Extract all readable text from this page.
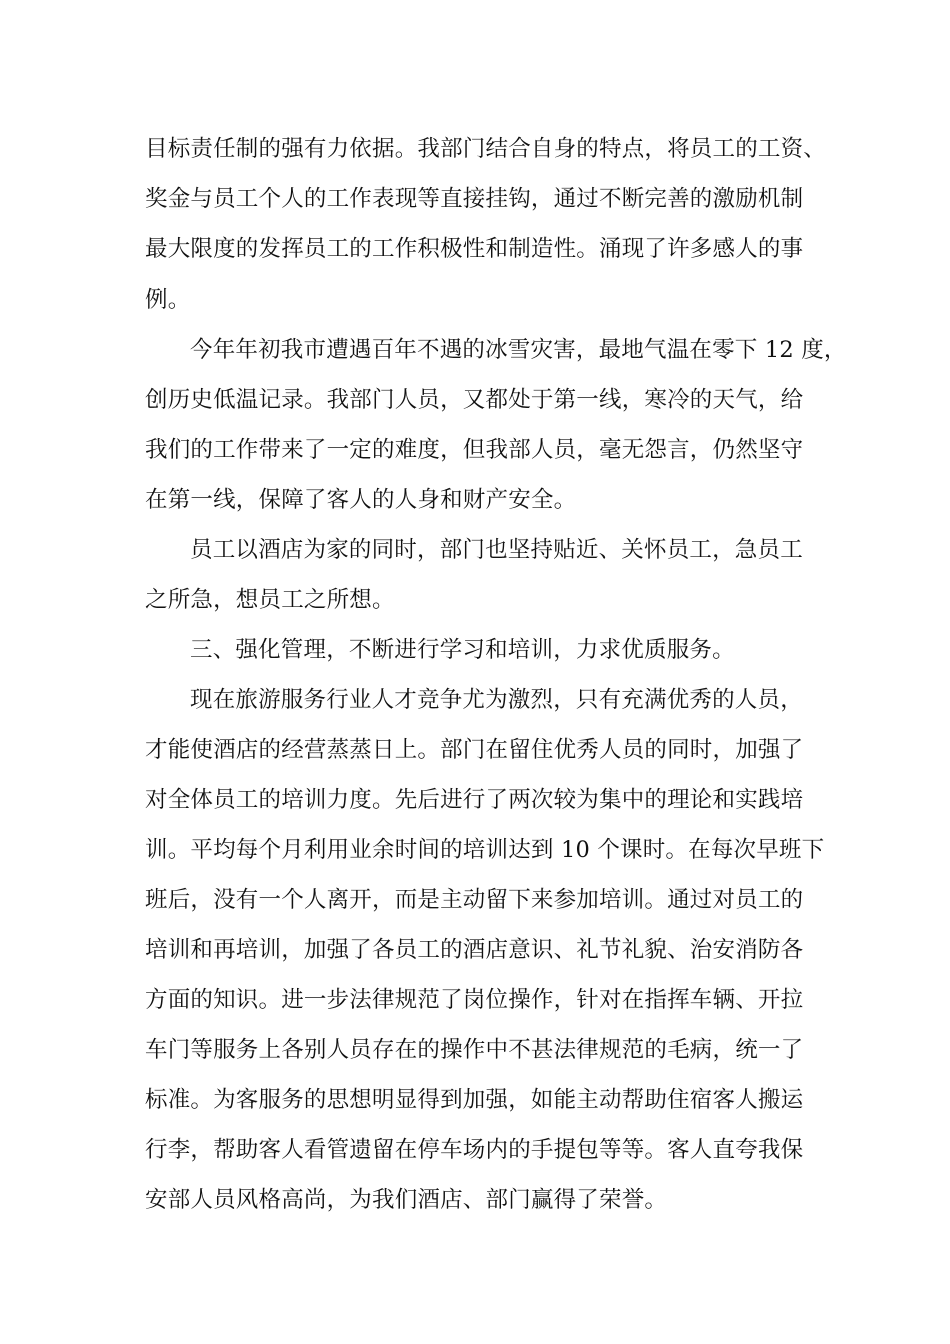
目标责任制的强有力依据。我部门结合自身的特点，将员工的工资、
奖金与员工个人的工作表现等直接挂钩，通过不断完善的激励机制
最大限度的发挥员工的工作积极性和制造性。涌现了许多感人的事
例。
今年年初我市遭遇百年不遇的冰雪灾害，最地气温在零下 12 度，
创历史低温记录。我部门人员，又都处于第一线，寒冷的天气，给
我们的工作带来了一定的难度，但我部人员，毫无怨言，仍然坚守
在第一线，保障了客人的人身和财产安全。
员工以酒店为家的同时，部门也坚持贴近、关怀员工，急员工
之所急，想员工之所想。
三、强化管理，不断进行学习和培训，力求优质服务。
现在旅游服务行业人才竞争尤为激烈，只有充满优秀的人员，
才能使酒店的经营蒸蒸日上。部门在留住优秀人员的同时，加强了
对全体员工的培训力度。先后进行了两次较为集中的理论和实践培
训。平均每个月利用业余时间的培训达到 10 个课时。在每次早班下
班后，没有一个人离开，而是主动留下来参加培训。通过对员工的
培训和再培训，加强了各员工的酒店意识、礼节礼貌、治安消防各
方面的知识。进一步法律规范了岗位操作，针对在指挥车辆、开拉
车门等服务上各别人员存在的操作中不甚法律规范的毛病，统一了
标准。为客服务的思想明显得到加强，如能主动帮助住宿客人搬运
行李，帮助客人看管遗留在停车场内的手提包等等。客人直夸我保
安部人员风格高尚，为我们酒店、部门赢得了荣誉。
